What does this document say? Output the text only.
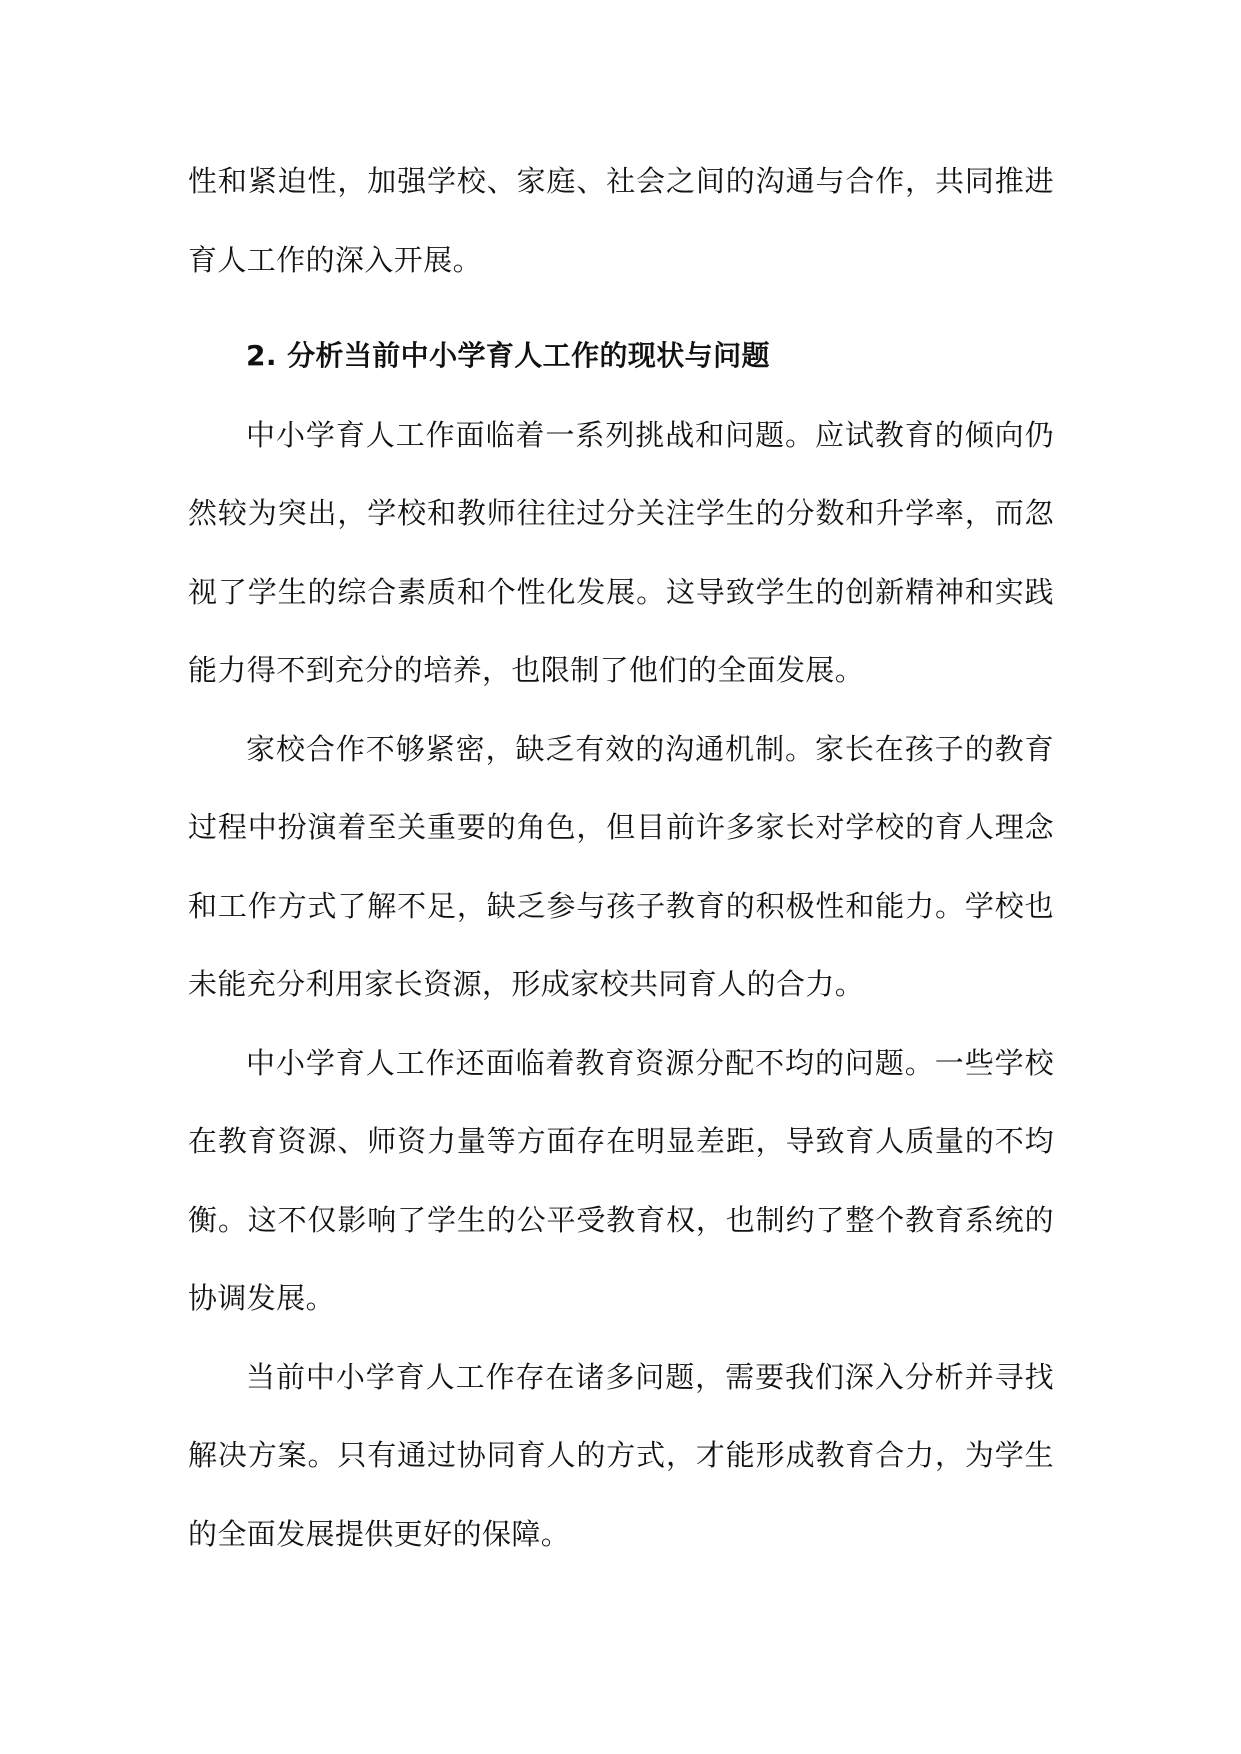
性和紧迫性，加强学校、家庭、社会之间的沟通与合作，共同推进育人工作的深入开展。

2. 分析当前中小学育人工作的现状与问题

中小学育人工作面临着一系列挑战和问题。应试教育的倾向仍然较为突出，学校和教师往往过分关注学生的分数和升学率，而忽视了学生的综合素质和个性化发展。这导致学生的创新精神和实践能力得不到充分的培养，也限制了他们的全面发展。

家校合作不够紧密，缺乏有效的沟通机制。家长在孩子的教育过程中扮演着至关重要的角色，但目前许多家长对学校的育人理念和工作方式了解不足，缺乏参与孩子教育的积极性和能力。学校也未能充分利用家长资源，形成家校共同育人的合力。

中小学育人工作还面临着教育资源分配不均的问题。一些学校在教育资源、师资力量等方面存在明显差距，导致育人质量的不均衡。这不仅影响了学生的公平受教育权，也制约了整个教育系统的协调发展。

当前中小学育人工作存在诸多问题，需要我们深入分析并寻找解决方案。只有通过协同育人的方式，才能形成教育合力，为学生的全面发展提供更好的保障。
